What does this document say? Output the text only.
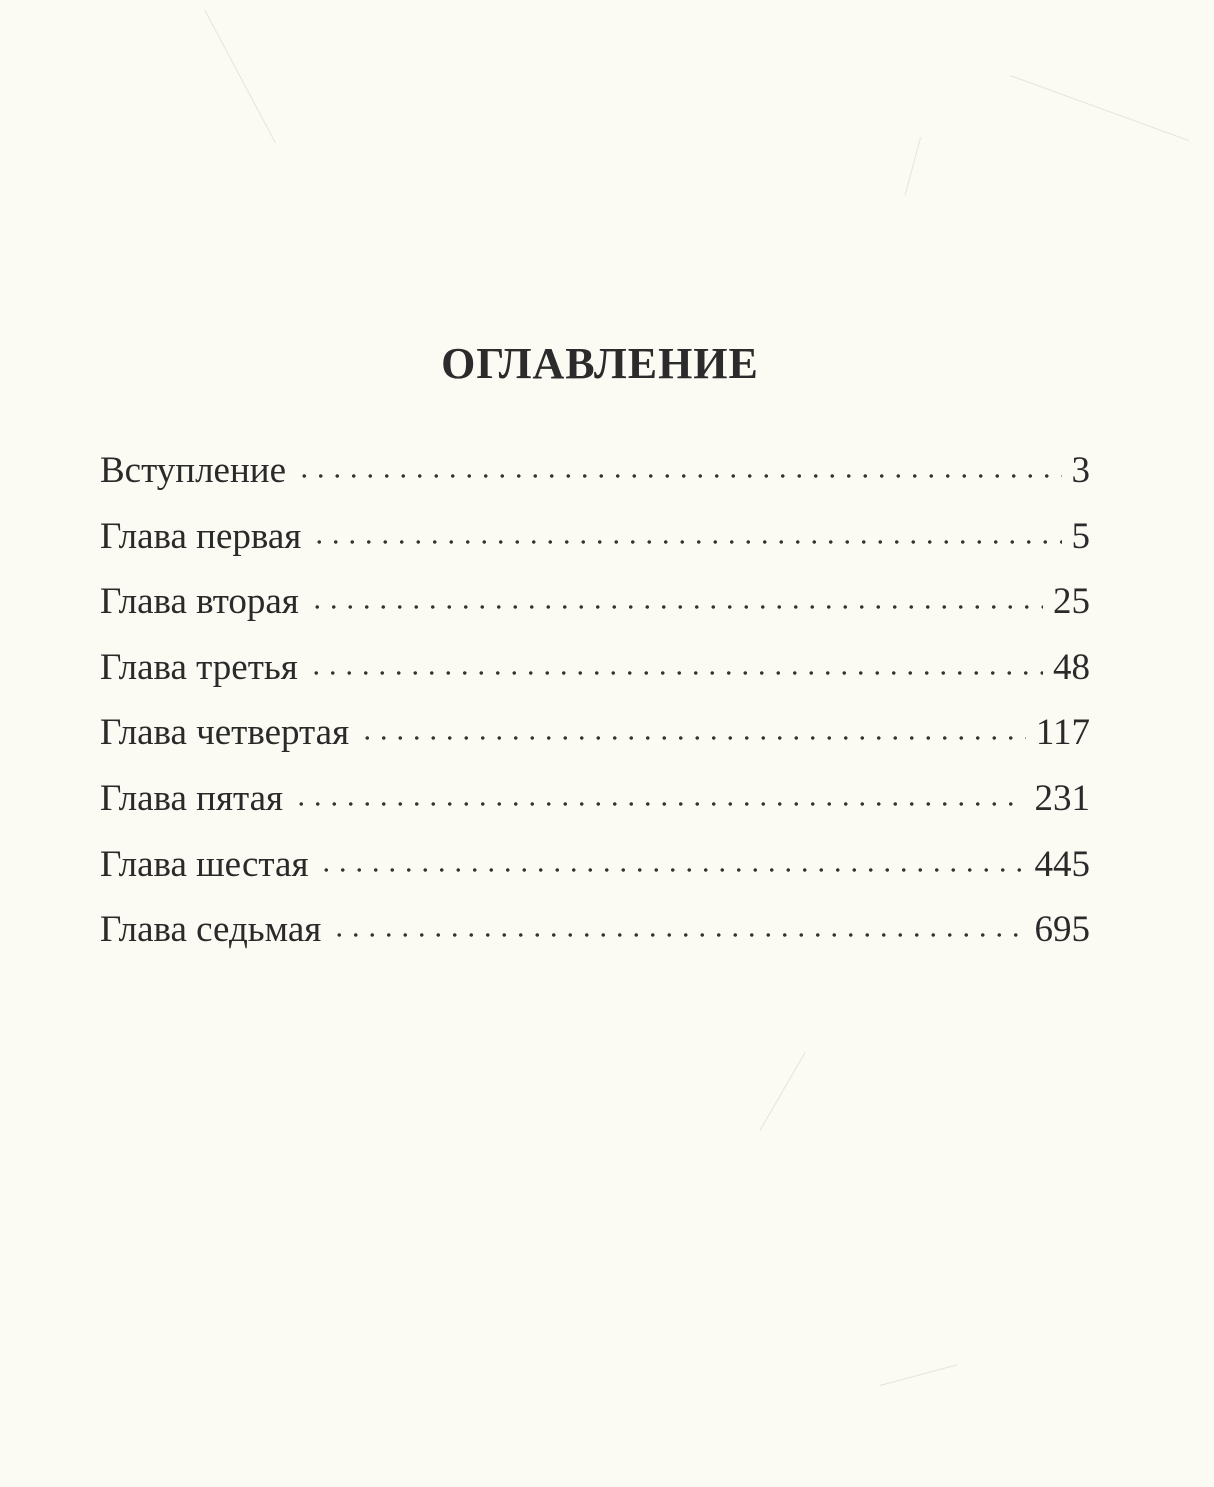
ОГЛАВЛЕНИЕ
Вступление	3
Глава первая	5
Глава вторая	25
Глава третья	48
Глава четвертая	117
Глава пятая	231
Глава шестая	445
Глава седьмая	695
